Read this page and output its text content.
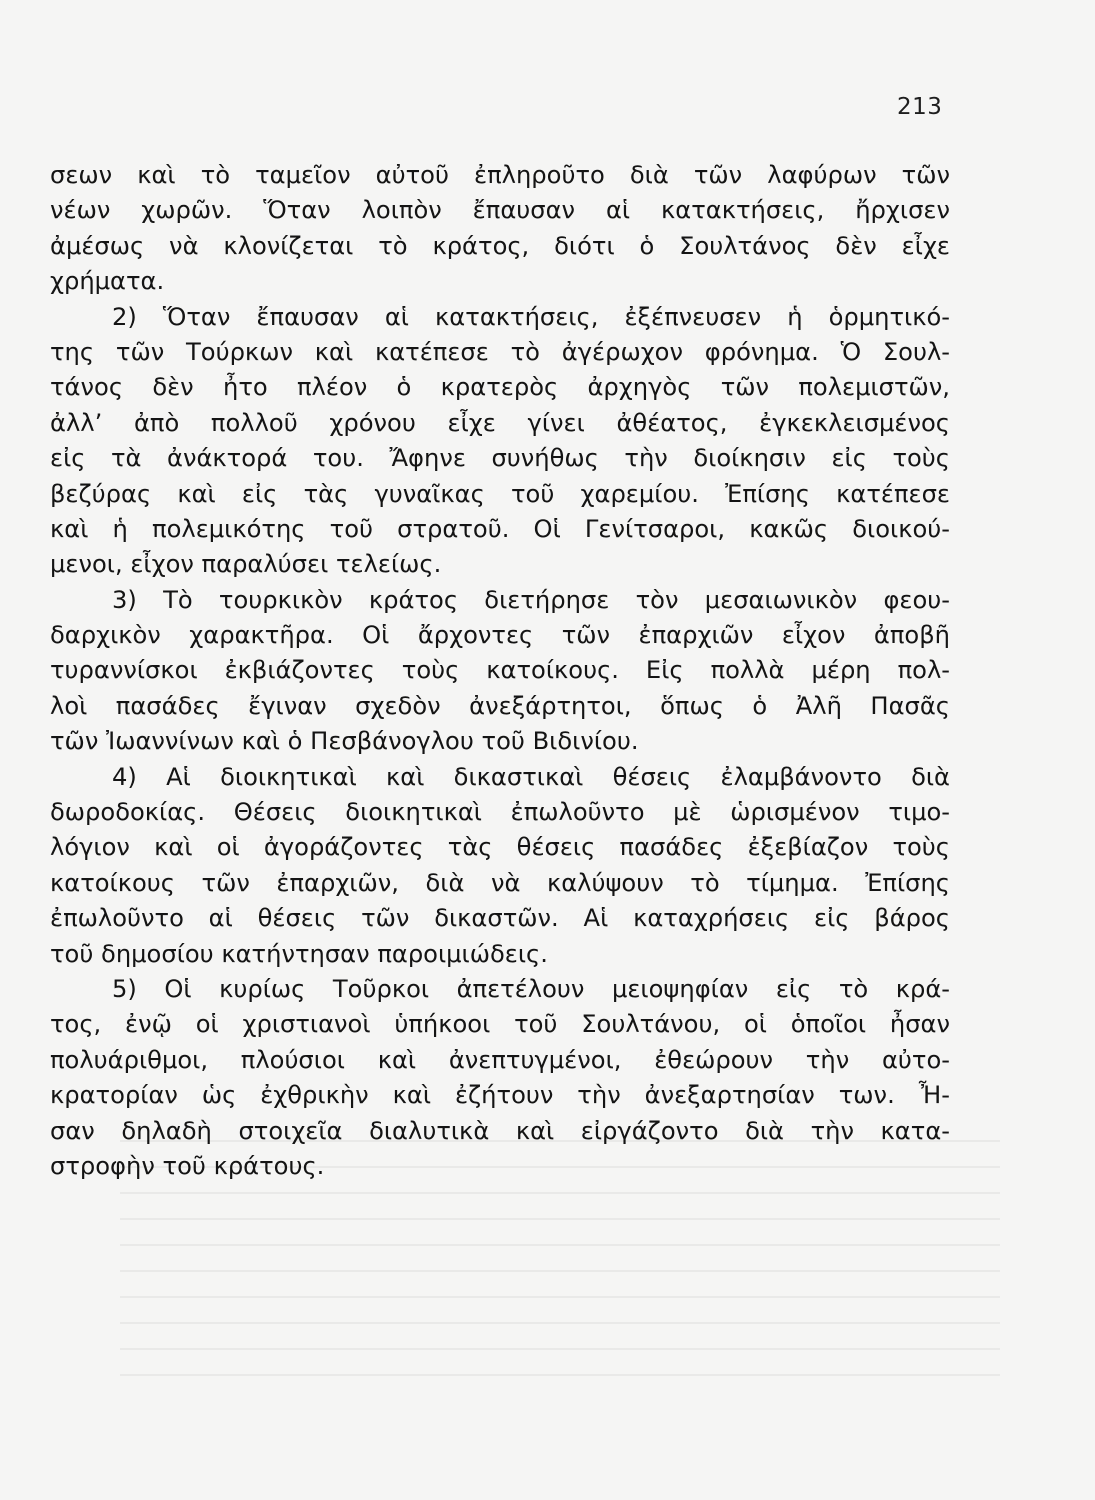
213
σεων καὶ τὸ ταμεῖον αὐτοῦ ἐπληροῦτο διὰ τῶν λαφύρων τῶν
νέων χωρῶν. Ὅταν λοιπὸν ἔπαυσαν αἱ κατακτήσεις, ἤρχισεν
ἀμέσως νὰ κλονίζεται τὸ κράτος, διότι ὁ Σουλτάνος δὲν εἶχε
χρήματα.
2) Ὅταν ἔπαυσαν αἱ κατακτήσεις, ἐξέπνευσεν ἡ ὁρμητικό-
της τῶν Τούρκων καὶ κατέπεσε τὸ ἀγέρωχον φρόνημα. Ὁ Σουλ-
τάνος δὲν ἦτο πλέον ὁ κρατερὸς ἀρχηγὸς τῶν πολεμιστῶν,
ἀλλ’ ἀπὸ πολλοῦ χρόνου εἶχε γίνει ἀθέατος, ἐγκεκλεισμένος
εἰς τὰ ἀνάκτορά του. Ἄφηνε συνήθως τὴν διοίκησιν εἰς τοὺς
βεζύρας καὶ εἰς τὰς γυναῖκας τοῦ χαρεμίου. Ἐπίσης κατέπεσε
καὶ ἡ πολεμικότης τοῦ στρατοῦ. Οἱ Γενίτσαροι, κακῶς διοικού-
μενοι, εἶχον παραλύσει τελείως.
3) Τὸ τουρκικὸν κράτος διετήρησε τὸν μεσαιωνικὸν φεου-
δαρχικὸν χαρακτῆρα. Οἱ ἄρχοντες τῶν ἐπαρχιῶν εἶχον ἀποβῆ
τυραννίσκοι ἐκβιάζοντες τοὺς κατοίκους. Εἰς πολλὰ μέρη πολ-
λοὶ πασάδες ἔγιναν σχεδὸν ἀνεξάρτητοι, ὅπως ὁ Ἀλῆ Πασᾶς
τῶν Ἰωαννίνων καὶ ὁ Πεσβάνογλου τοῦ Βιδινίου.
4) Αἱ διοικητικαὶ καὶ δικαστικαὶ θέσεις ἐλαμβάνοντο διὰ
δωροδοκίας. Θέσεις διοικητικαὶ ἐπωλοῦντο μὲ ὡρισμένον τιμο-
λόγιον καὶ οἱ ἀγοράζοντες τὰς θέσεις πασάδες ἐξεβίαζον τοὺς
κατοίκους τῶν ἐπαρχιῶν, διὰ νὰ καλύψουν τὸ τίμημα. Ἐπίσης
ἐπωλοῦντο αἱ θέσεις τῶν δικαστῶν. Αἱ καταχρήσεις εἰς βάρος
τοῦ δημοσίου κατήντησαν παροιμιώδεις.
5) Οἱ κυρίως Τοῦρκοι ἀπετέλουν μειοψηφίαν εἰς τὸ κρά-
τος, ἐνῷ οἱ χριστιανοὶ ὑπήκοοι τοῦ Σουλτάνου, οἱ ὁποῖοι ἦσαν
πολυάριθμοι, πλούσιοι καὶ ἀνεπτυγμένοι, ἐθεώρουν τὴν αὐτο-
κρατορίαν ὡς ἐχθρικὴν καὶ ἐζήτουν τὴν ἀνεξαρτησίαν των. Ἦ-
σαν δηλαδὴ στοιχεῖα διαλυτικὰ καὶ εἰργάζοντο διὰ τὴν κατα-
στροφὴν τοῦ κράτους.
